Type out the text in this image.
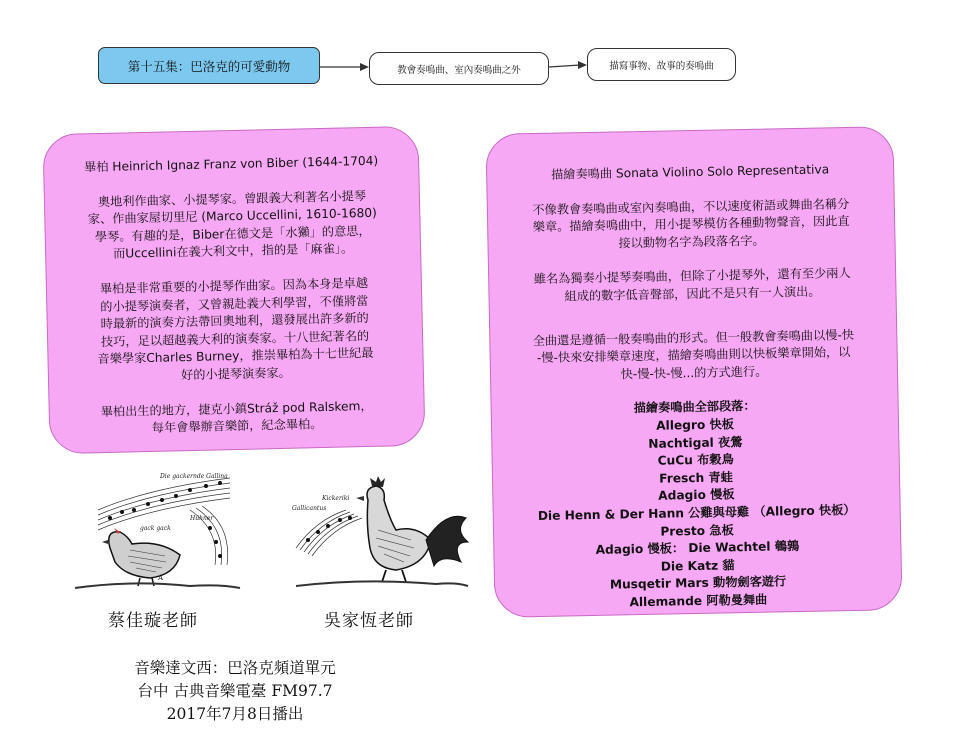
第十五集：巴洛克的可愛動物	教會奏鳴曲、室內奏鳴曲之外	描寫事物、故事的奏鳴曲

畢柏 Heinrich Ignaz Franz von Biber (1644-1704)

奧地利作曲家、小提琴家。曾跟義大利著名小提琴

家、作曲家屋切里尼 (Marco Uccellini, 1610-1680)

學琴。有趣的是，Biber在德文是「水獺」的意思，

而Uccellini在義大利文中，指的是「麻雀」。

畢柏是非常重要的小提琴作曲家。因為本身是卓越

的小提琴演奏者，又曾親赴義大利學習，不僅將當

時最新的演奏方法帶回奧地利，還發展出許多新的

技巧，足以超越義大利的演奏家。十八世紀著名的

音樂學家Charles Burney，推崇畢柏為十七世紀最

好的小提琴演奏家。

畢柏出生的地方，捷克小鎮Stráž pod Ralskem，

每年會舉辦音樂節，紀念畢柏。

描繪奏鳴曲 Sonata Violino Solo Representativa

不像教會奏鳴曲或室內奏鳴曲，不以速度術語或舞曲名稱分

樂章。描繪奏鳴曲中，用小提琴模仿各種動物聲音，因此直

接以動物名字為段落名字。

雖名為獨奏小提琴奏鳴曲，但除了小提琴外，還有至少兩人

組成的數字低音聲部，因此不是只有一人演出。

全曲還是遵循一般奏鳴曲的形式。但一般教會奏鳴曲以慢-快

-慢-快來安排樂章速度，描繪奏鳴曲則以快板樂章開始，以

快-慢-快-慢...的方式進行。

描繪奏鳴曲全部段落：

Allegro 快板

Nachtigal 夜鶯

CuCu 布穀鳥

Fresch 青蛙

Adagio 慢板

Die Henn & Der Hann 公雞與母雞 （Allegro 快板）

Presto 急板

Adagio 慢板： Die Wachtel 鵪鶉

Die Katz 貓

Musqetir Mars 動物劍客遊行

Allemande 阿勒曼舞曲

Die gackernde Gallina
gack gack
Hühner
A
Gallicantus
Kickeriki
蔡佳璇老師	吳家恆老師
音樂達文西：巴洛克頻道單元
台中 古典音樂電臺 FM97.7
2017年7月8日播出
